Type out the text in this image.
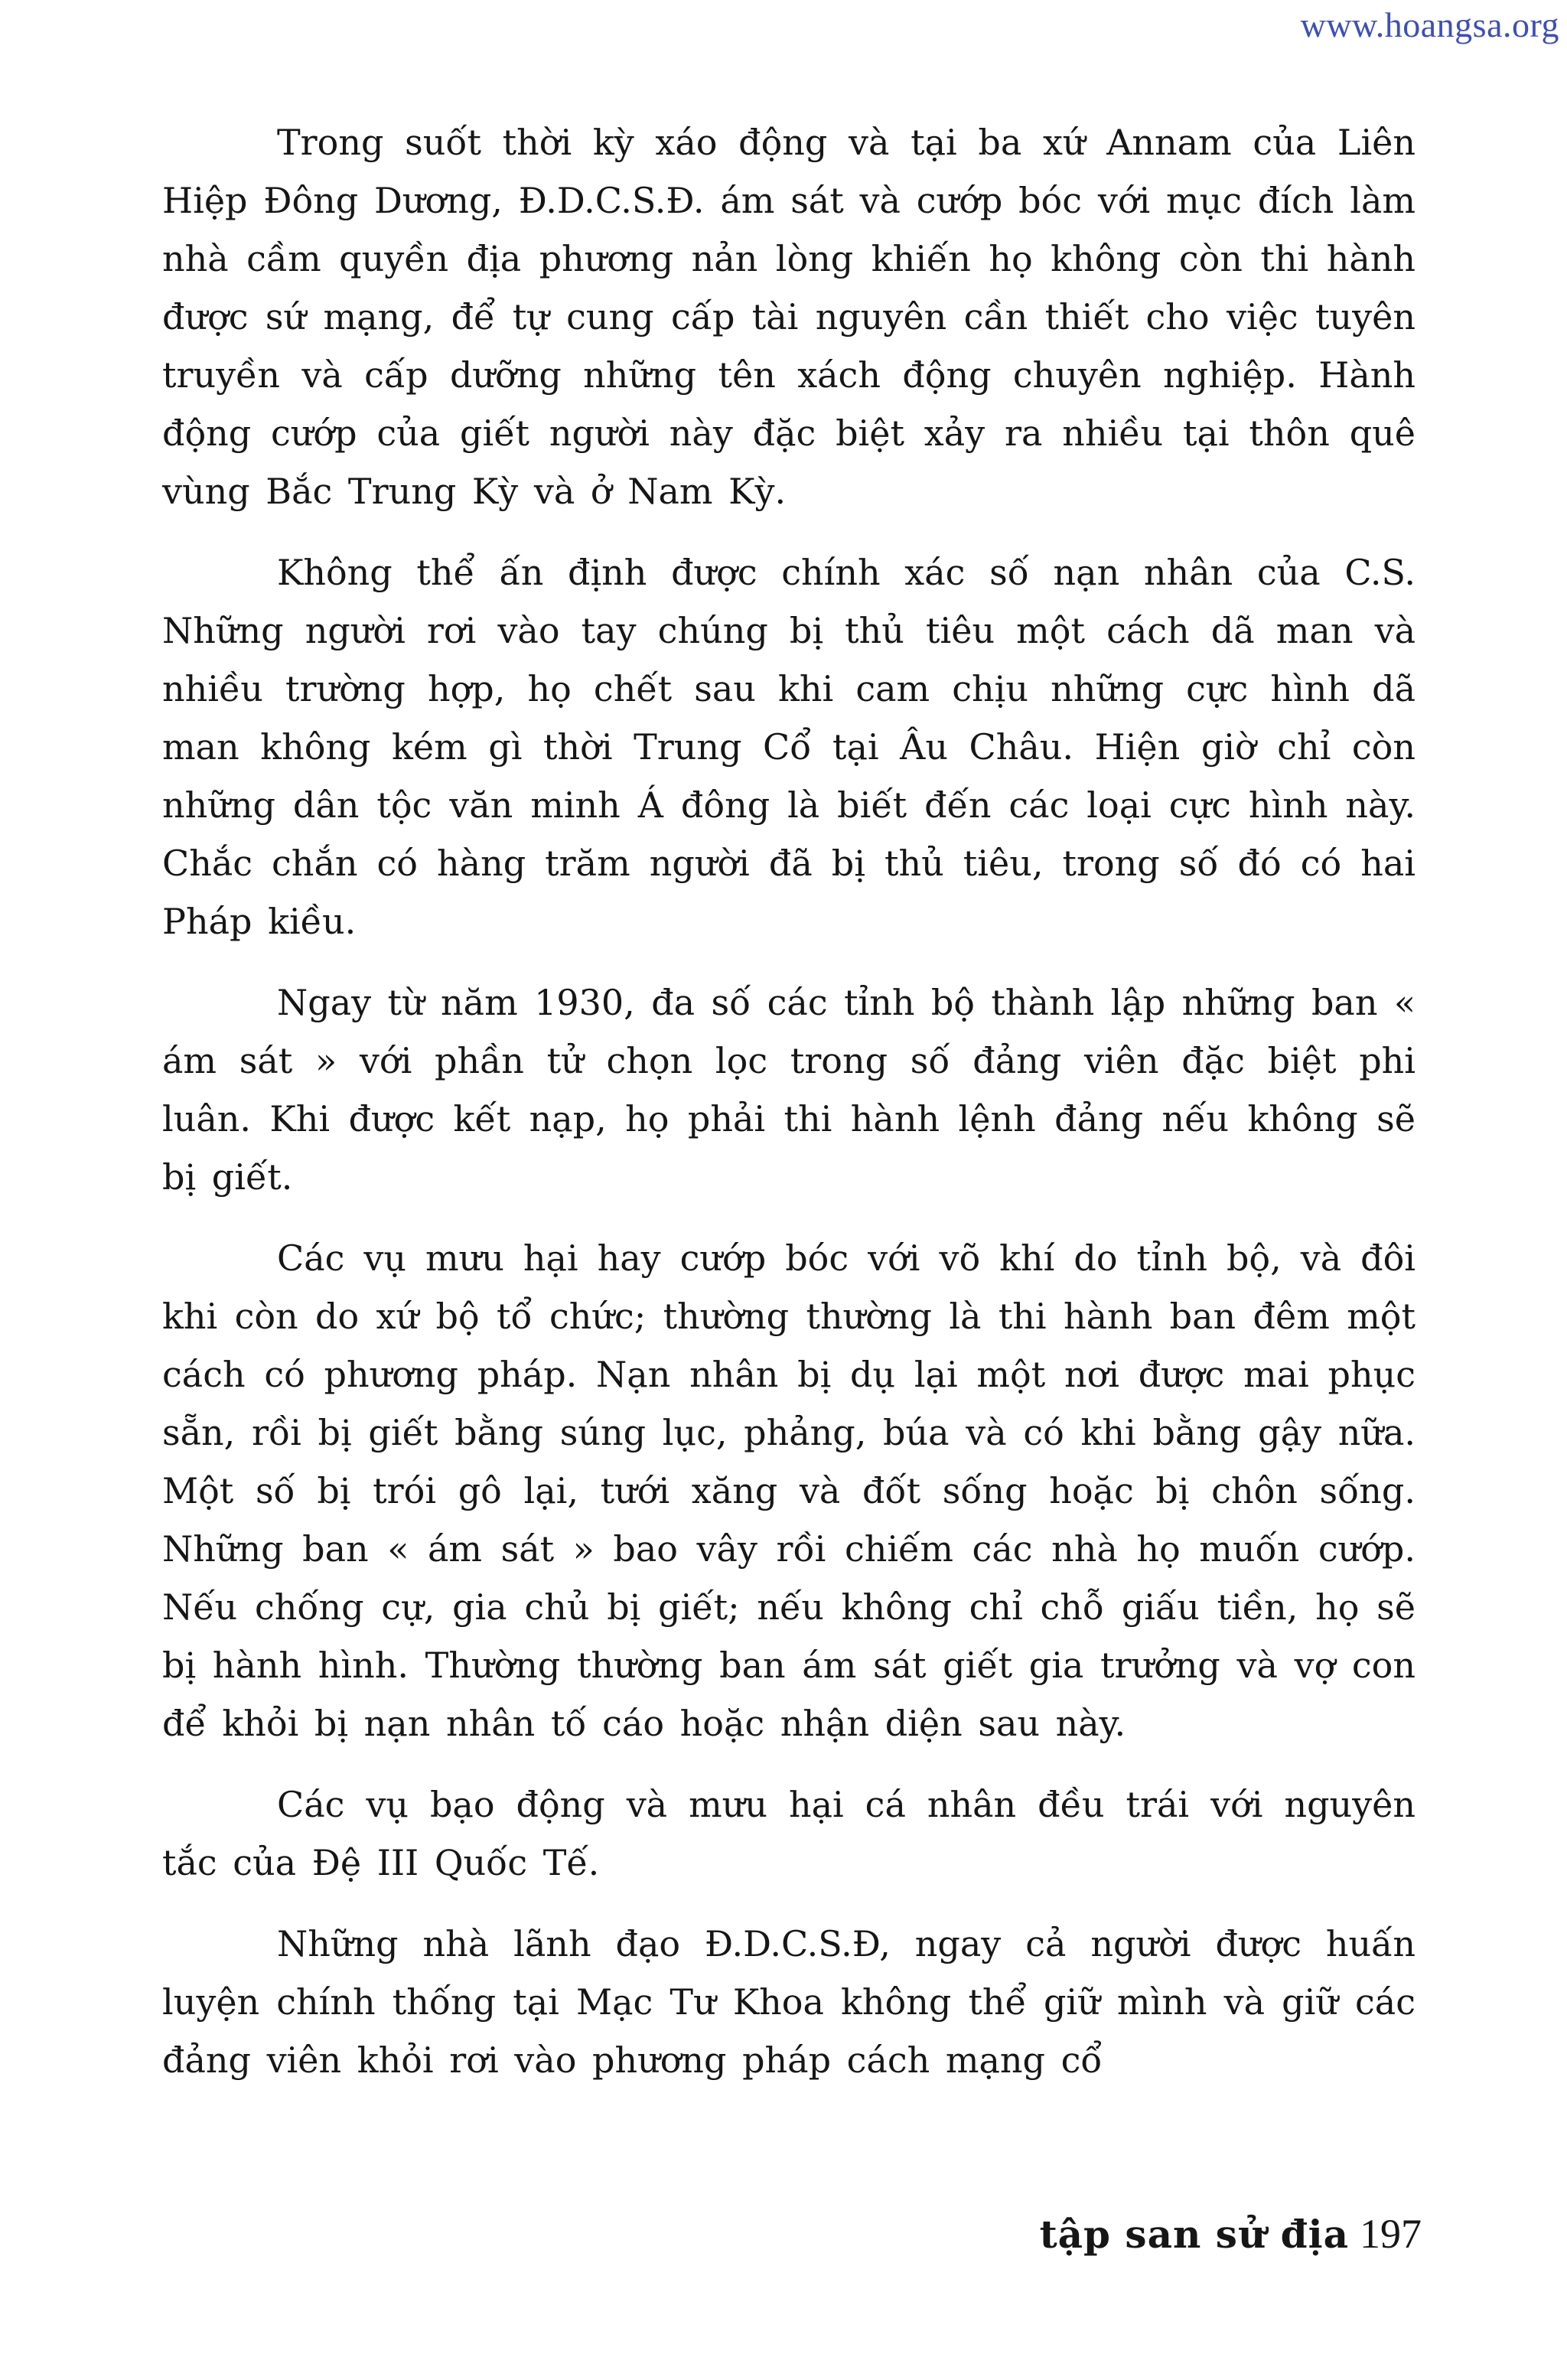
www.hoangsa.org

Trong suốt thời kỳ xáo động và tại ba xứ Annam của Liên Hiệp Đông Dương, Đ.D.C.S.Đ. ám sát và cướp bóc với mục đích làm nhà cầm quyền địa phương nản lòng khiến họ không còn thi hành được sứ mạng, để tự cung cấp tài nguyên cần thiết cho việc tuyên truyền và cấp dưỡng những tên xách động chuyên nghiệp. Hành động cướp của giết người này đặc biệt xảy ra nhiều tại thôn quê vùng Bắc Trung Kỳ và ở Nam Kỳ.

Không thể ấn định được chính xác số nạn nhân của C.S. Những người rơi vào tay chúng bị thủ tiêu một cách dã man và nhiều trường hợp, họ chết sau khi cam chịu những cực hình dã man không kém gì thời Trung Cổ tại Âu Châu. Hiện giờ chỉ còn những dân tộc văn minh Á đông là biết đến các loại cực hình này. Chắc chắn có hàng trăm người đã bị thủ tiêu, trong số đó có hai Pháp kiều.

Ngay từ năm 1930, đa số các tỉnh bộ thành lập những ban « ám sát » với phần tử chọn lọc trong số đảng viên đặc biệt phi luân. Khi được kết nạp, họ phải thi hành lệnh đảng nếu không sẽ bị giết.

Các vụ mưu hại hay cướp bóc với võ khí do tỉnh bộ, và đôi khi còn do xứ bộ tổ chức; thường thường là thi hành ban đêm một cách có phương pháp. Nạn nhân bị dụ lại một nơi được mai phục sẵn, rồi bị giết bằng súng lục, phảng, búa và có khi bằng gậy nữa. Một số bị trói gô lại, tưới xăng và đốt sống hoặc bị chôn sống. Những ban « ám sát » bao vây rồi chiếm các nhà họ muốn cướp. Nếu chống cự, gia chủ bị giết; nếu không chỉ chỗ giấu tiền, họ sẽ bị hành hình. Thường thường ban ám sát giết gia trưởng và vợ con để khỏi bị nạn nhân tố cáo hoặc nhận diện sau này.

Các vụ bạo động và mưu hại cá nhân đều trái với nguyên tắc của Đệ III Quốc Tế.

Những nhà lãnh đạo Đ.D.C.S.Đ, ngay cả người được huấn luyện chính thống tại Mạc Tư Khoa không thể giữ mình và giữ các đảng viên khỏi rơi vào phương pháp cách mạng cổ

tập san sử địa 197
